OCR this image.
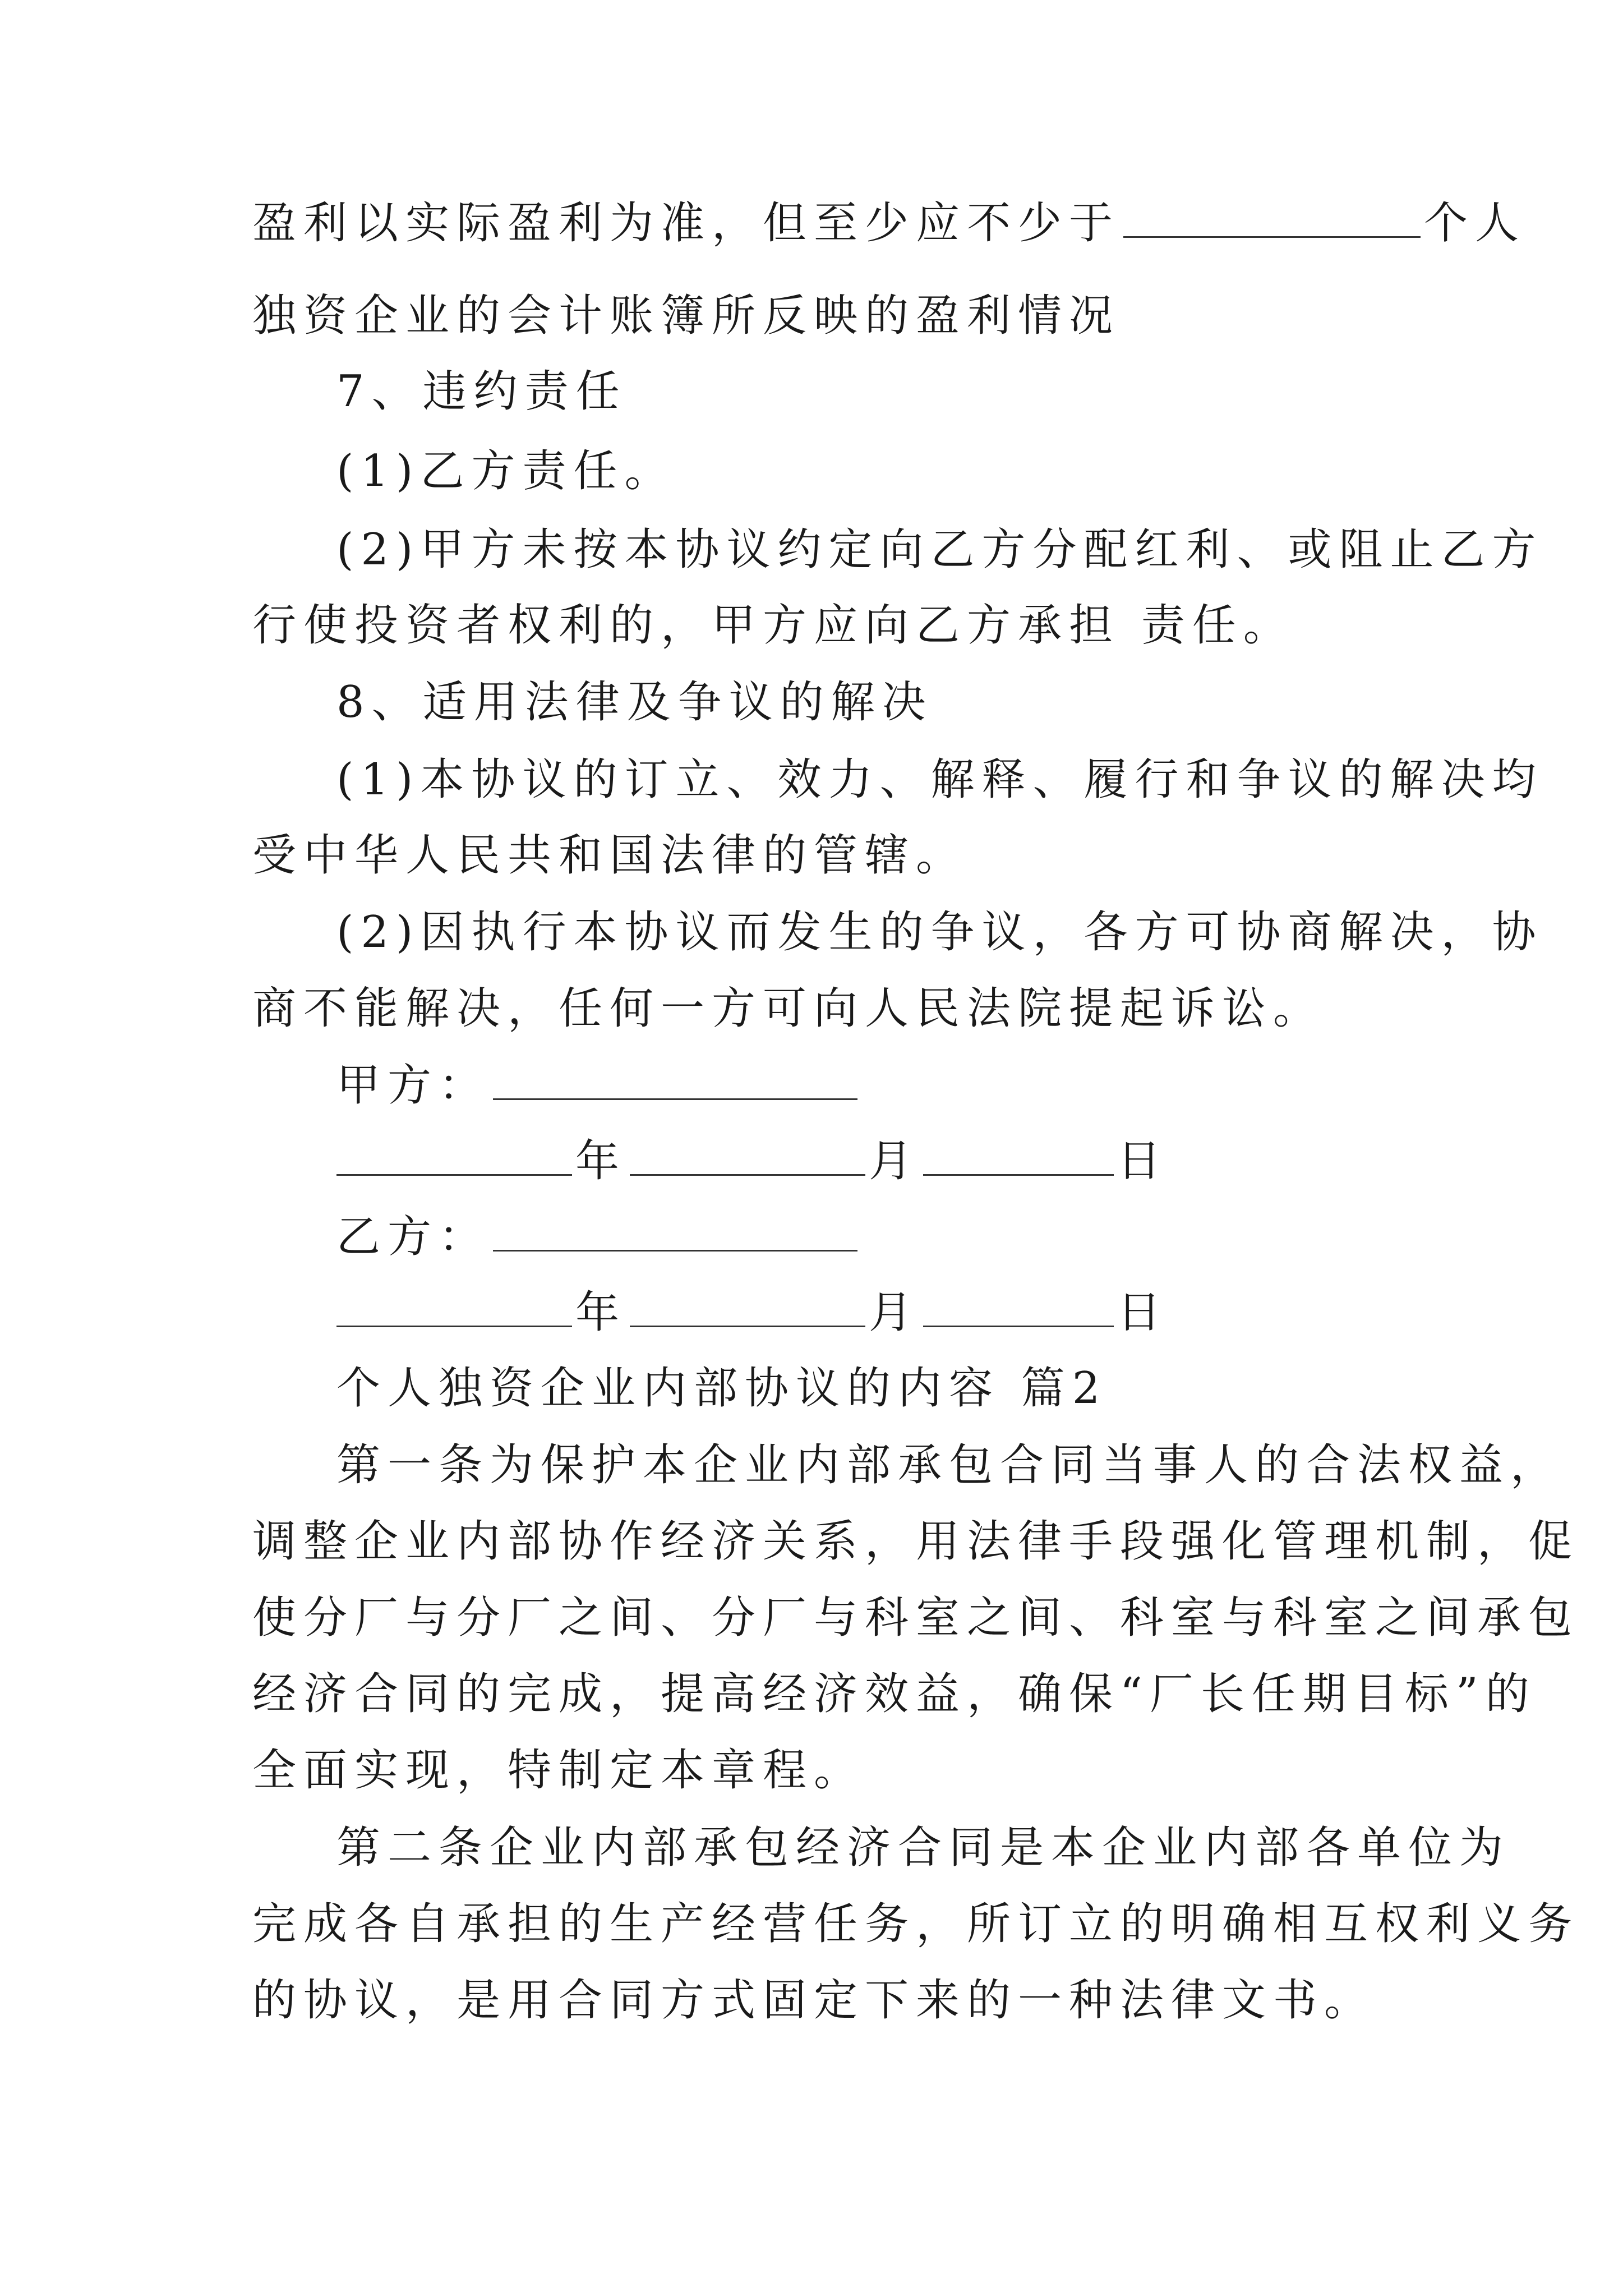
盈利以实际盈利为准，但至少应不少于	个人
独资企业的会计账簿所反映的盈利情况
7、违约责任
(1)乙方责任。
(2)甲方未按本协议约定向乙方分配红利、或阻止乙方
行使投资者权利的，甲方应向乙方承担 责任。
8、适用法律及争议的解决
(1)本协议的订立、效力、解释、履行和争议的解决均
受中华人民共和国法律的管辖。
(2)因执行本协议而发生的争议，各方可协商解决，协
商不能解决，任何一方可向人民法院提起诉讼。
甲方：
年	月	日
乙方：
年	月	日
个人独资企业内部协议的内容 篇2
第一条为保护本企业内部承包合同当事人的合法权益，
调整企业内部协作经济关系，用法律手段强化管理机制，促
使分厂与分厂之间、分厂与科室之间、科室与科室之间承包
经济合同的完成，提高经济效益，确保“厂长任期目标”的
全面实现，特制定本章程。
第二条企业内部承包经济合同是本企业内部各单位为
完成各自承担的生产经营任务，所订立的明确相互权利义务
的协议，是用合同方式固定下来的一种法律文书。
